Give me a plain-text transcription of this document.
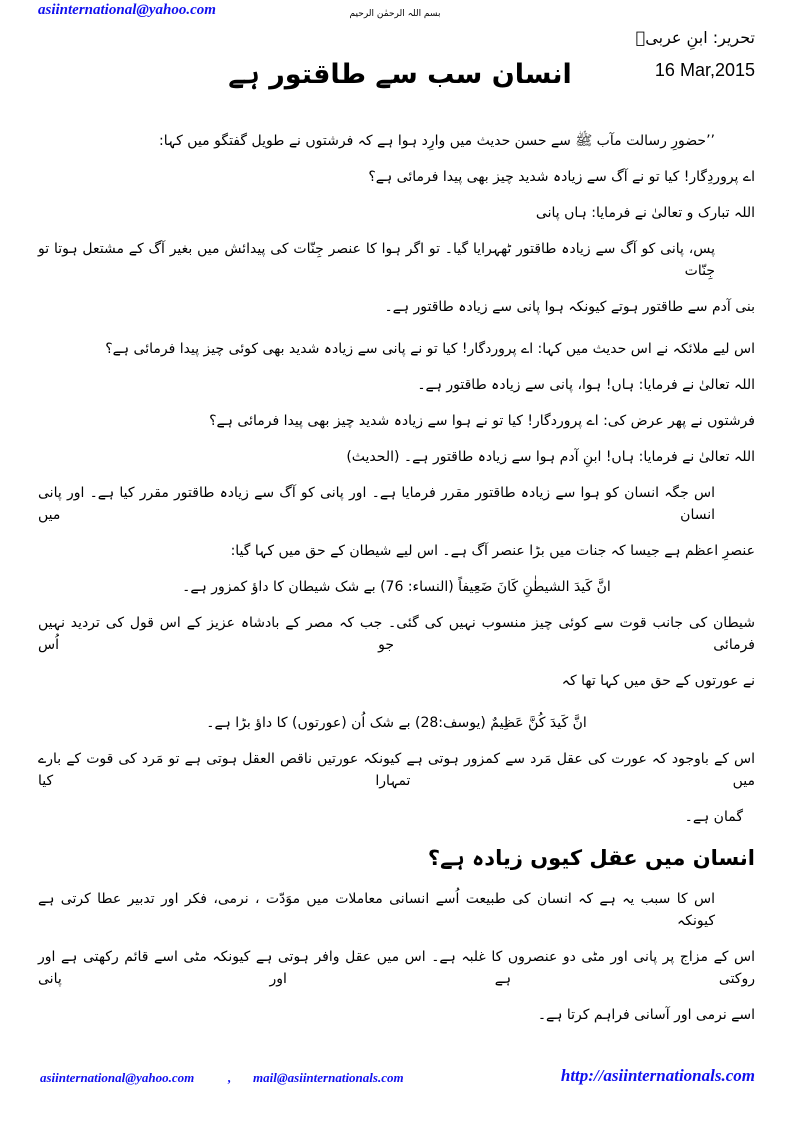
asiinternational@yahoo.com	بسم اللہ الرحمٰن الرحیم
تحریر: ابنِ عربیؒ
16 Mar,2015
انسان سب سے طاقتور ہے
’’حضورِ رسالت مآب ﷺ سے حسن حدیث میں وارِد ہوا ہے کہ فرشتوں نے طویل گفتگو میں کہا:
اے پروردِگار! کیا تو نے آگ سے زیادہ شدید چیز بھی پیدا فرمائی ہے؟
اللہ تبارک و تعالیٰ نے فرمایا: ہاں پانی
پس، پانی کو آگ سے زیادہ طاقتور ٹھہرایا گیا۔ تو اگر ہوا کا عنصر جِنّات کی پیدائش میں بغیر آگ کے مشتعل ہوتا تو جِنّات
بنی آدم سے طاقتور ہوتے کیونکہ ہوا پانی سے زیادہ طاقتور ہے۔
اس لیے ملائکہ نے اس حدیث میں کہا: اے پروردگار! کیا تو نے پانی سے زیادہ شدید بھی کوئی چیز پیدا فرمائی ہے؟
اللہ تعالیٰ نے فرمایا: ہاں! ہوا، پانی سے زیادہ طاقتور ہے۔
فرشتوں نے پھر عرض کی: اے پروردگار! کیا تو نے ہوا سے زیادہ شدید چیز بھی پیدا فرمائی ہے؟
اللہ تعالیٰ نے فرمایا: ہاں! ابنِ آدم ہوا سے زیادہ طاقتور ہے۔ (الحدیث)
اس جگہ انسان کو ہوا سے زیادہ طاقتور مقرر فرمایا ہے۔ اور پانی کو آگ سے زیادہ طاقتور مقرر کیا ہے۔ اور پانی انسان میں
عنصرِ اعظم ہے جیسا کہ جنات میں بڑا عنصر آگ ہے۔ اس لیے شیطان کے حق میں کہا گیا:
انَّ کَیدَ الشیطٰنِ کَانَ ضَعِیفاً (النساء: 76) بے شک شیطان کا داؤ کمزور ہے۔
شیطان کی جانب قوت سے کوئی چیز منسوب نہیں کی گئی۔ جب کہ مصر کے بادشاہ عزیز کے اس قول کی تردید نہیں فرمائی جو اُس
نے عورتوں کے حق میں کہا تھا کہ
انَّ کَیدَ کُنَّ عَظِیمٌ (یوسف:28) بے شک اُن (عورتوں) کا داؤ بڑا ہے۔
اس کے باوجود کہ عورت کی عقل مَرد سے کمزور ہوتی ہے کیونکہ عورتیں ناقص العقل ہوتی ہے تو مَرد کی قوت کے بارے میں تمہارا کیا
گمان ہے۔
انسان میں عقل کیوں زیادہ ہے؟
اس کا سبب یہ ہے کہ انسان کی طبیعت اُسے انسانی معاملات میں موَدّت ، نرمی، فکر اور تدبیر عطا کرتی ہے کیونکہ
اس کے مزاج پر پانی اور مٹی دو عنصروں کا غلبہ ہے۔ اس میں عقل وافر ہوتی ہے کیونکہ مٹی اسے قائم رکھتی ہے اور روکتی ہے اور پانی
اسے نرمی اور آسانی فراہم کرتا ہے۔
asiinternational@yahoo.com	, mail@asiinternationals.com	http://asiinternationals.com
